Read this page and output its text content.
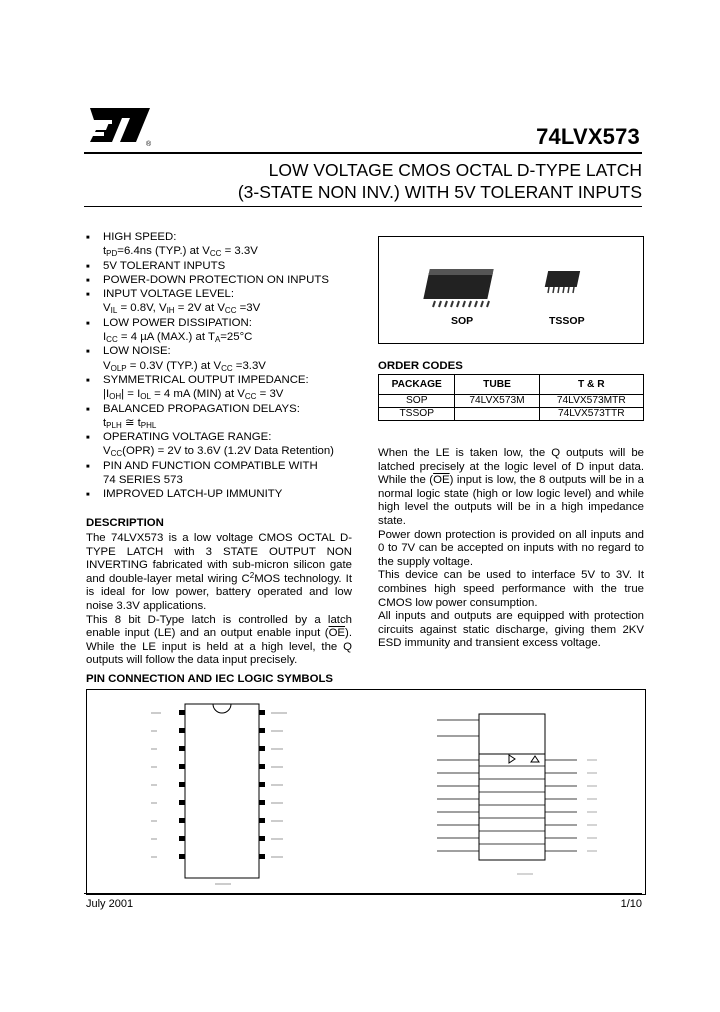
®	74LVX573
LOW VOLTAGE CMOS OCTAL D-TYPE LATCH
(3-STATE NON INV.) WITH 5V TOLERANT INPUTS
■ HIGH SPEED:
$t_{PD}=6.4ns$ (TYP.) at $V_{CC} = 3.3V$
■ 5V TOLERANT INPUTS
■ POWER-DOWN PROTECTION ON INPUTS
■ INPUT VOLTAGE LEVEL:
$V_{IL} = 0.8V$, $V_{IH} = 2V$ at $V_{CC} =3V$
■ LOW POWER DISSIPATION:
$I_{CC} = 4$ µA (MAX.) at $T_A=25^\circ C$
■ LOW NOISE:
$V_{OLP} = 0.3V$ (TYP.) at $V_{CC} =3.3V$
■ SYMMETRICAL OUTPUT IMPEDANCE:
$|I_{OH}| = I_{OL} = 4$ mA (MIN) at $V_{CC} = 3V$
■ BALANCED PROPAGATION DELAYS:
$t_{PLH}$ ≅ $t_{PHL}$
■ OPERATING VOLTAGE RANGE:
$V_{CC}(OPR) = 2V$ to 3.6V (1.2V Data Retention)
■ PIN AND FUNCTION COMPATIBLE WITH
74 SERIES 573
■ IMPROVED LATCH-UP IMMUNITY
DESCRIPTION
The 74LVX573 is a low voltage CMOS OCTAL D-TYPE LATCH with 3 STATE OUTPUT NON INVERTING fabricated with sub-micron silicon gate and double-layer metal wiring $C^2MOS$ technology. It is ideal for low power, battery operated and low noise 3.3V applications.
This 8 bit D-Type latch is controlled by a latch enable input (LE) and an output enable input $(\overline{OE})$. While the LE input is held at a high level, the Q outputs will follow the data input precisely.
SOP	TSSOP
ORDER CODES
PACKAGE	TUBE	T & R
SOP	74LVX573M	74LVX573MTR
TSSOP		74LVX573TTR
When the LE is taken low, the Q outputs will be latched precisely at the logic level of D input data. While the $(\overline{OE})$ input is low, the 8 outputs will be in a normal logic state (high or low logic level) and while high level the outputs will be in a high impedance state.
Power down protection is provided on all inputs and 0 to 7V can be accepted on inputs with no regard to the supply voltage.
This device can be used to interface 5V to 3V. It combines high speed performance with the true CMOS low power consumption.
All inputs and outputs are equipped with protection circuits against static discharge, giving them 2KV ESD immunity and transient excess voltage.
PIN CONNECTION AND IEC LOGIC SYMBOLS
July 2001	1/10
